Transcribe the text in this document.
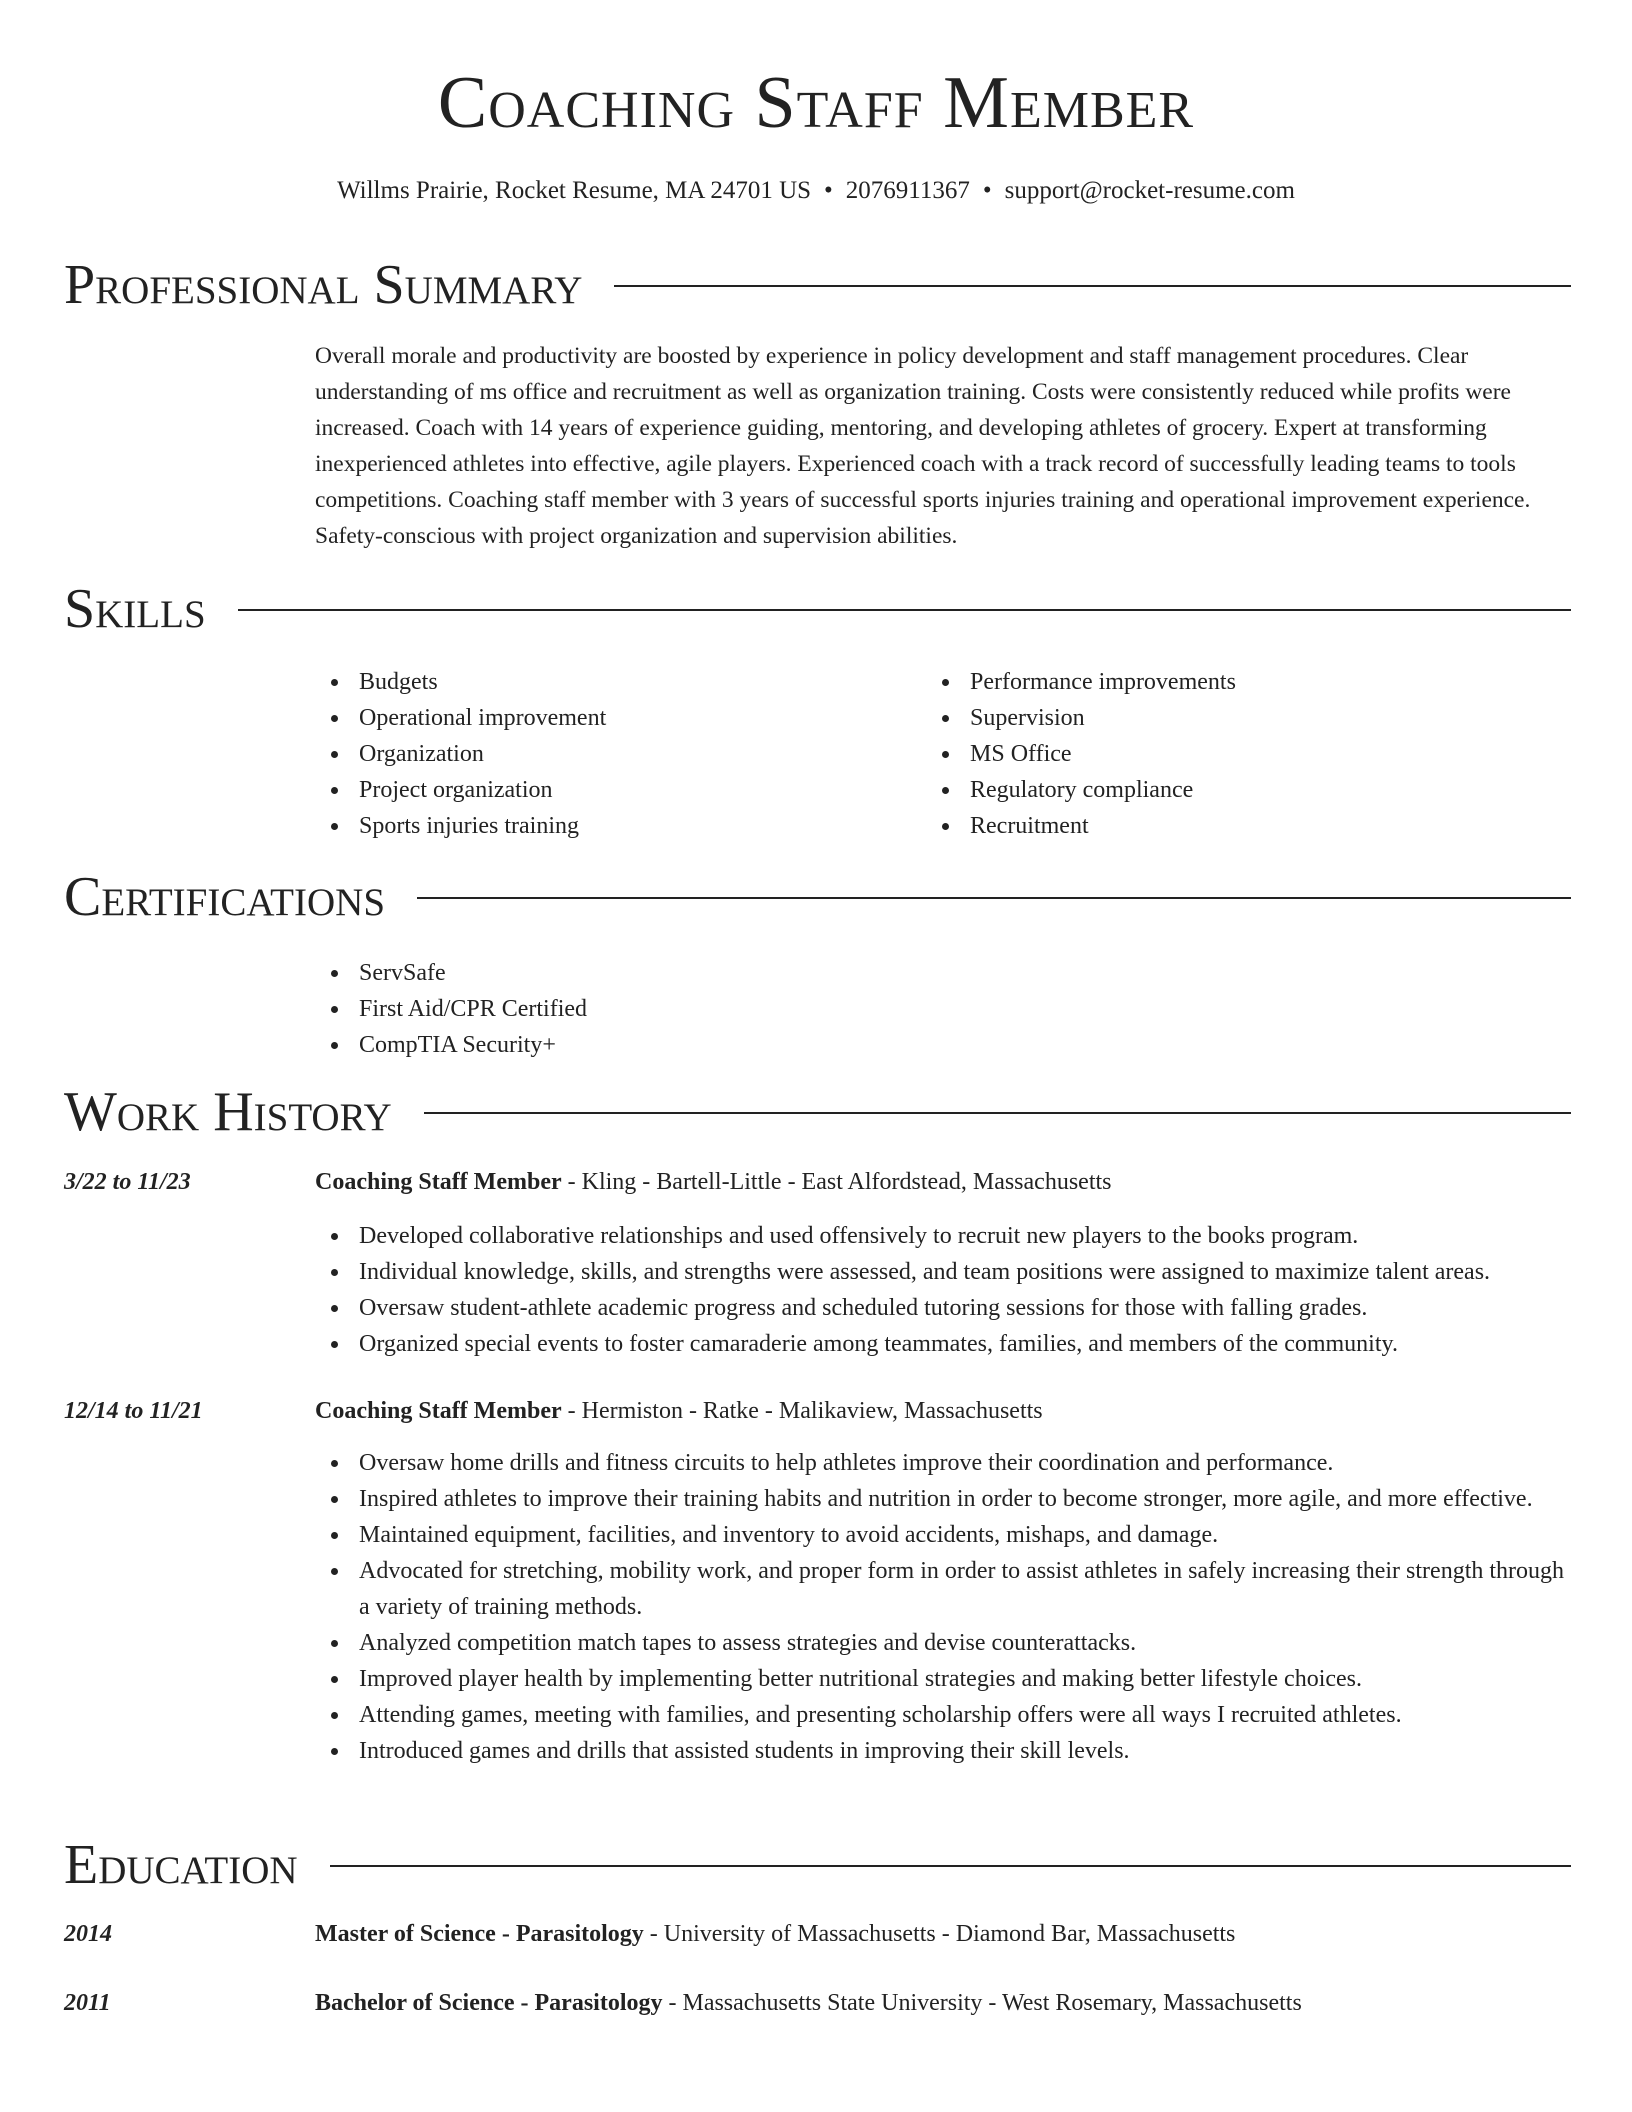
Coaching Staff Member
Willms Prairie, Rocket Resume, MA 24701 US • 2076911367 • support@rocket-resume.com
Professional Summary

Overall morale and productivity are boosted by experience in policy development and staff management procedures. Clear understanding of ms office and recruitment as well as organization training. Costs were consistently reduced while profits were increased. Coach with 14 years of experience guiding, mentoring, and developing athletes of grocery. Expert at transforming inexperienced athletes into effective, agile players. Experienced coach with a track record of successfully leading teams to tools competitions. Coaching staff member with 3 years of successful sports injuries training and operational improvement experience. Safety-conscious with project organization and supervision abilities.

Skills
Budgets
Operational improvement
Organization
Project organization
Sports injuries training
Performance improvements
Supervision
MS Office
Regulatory compliance
Recruitment
Certifications
ServSafe
First Aid/CPR Certified
CompTIA Security+
Work History
3/22 to 11/23	Coaching Staff Member - Kling - Bartell-Little - East Alfordstead, Massachusetts
Developed collaborative relationships and used offensively to recruit new players to the books program.
Individual knowledge, skills, and strengths were assessed, and team positions were assigned to maximize talent areas.
Oversaw student-athlete academic progress and scheduled tutoring sessions for those with falling grades.
Organized special events to foster camaraderie among teammates, families, and members of the community.
12/14 to 11/21	Coaching Staff Member - Hermiston - Ratke - Malikaview, Massachusetts
Oversaw home drills and fitness circuits to help athletes improve their coordination and performance.
Inspired athletes to improve their training habits and nutrition in order to become stronger, more agile, and more effective.
Maintained equipment, facilities, and inventory to avoid accidents, mishaps, and damage.
Advocated for stretching, mobility work, and proper form in order to assist athletes in safely increasing their strength through a variety of training methods.
Analyzed competition match tapes to assess strategies and devise counterattacks.
Improved player health by implementing better nutritional strategies and making better lifestyle choices.
Attending games, meeting with families, and presenting scholarship offers were all ways I recruited athletes.
Introduced games and drills that assisted students in improving their skill levels.
Education
2014	Master of Science - Parasitology - University of Massachusetts - Diamond Bar, Massachusetts
2011	Bachelor of Science - Parasitology - Massachusetts State University - West Rosemary, Massachusetts
